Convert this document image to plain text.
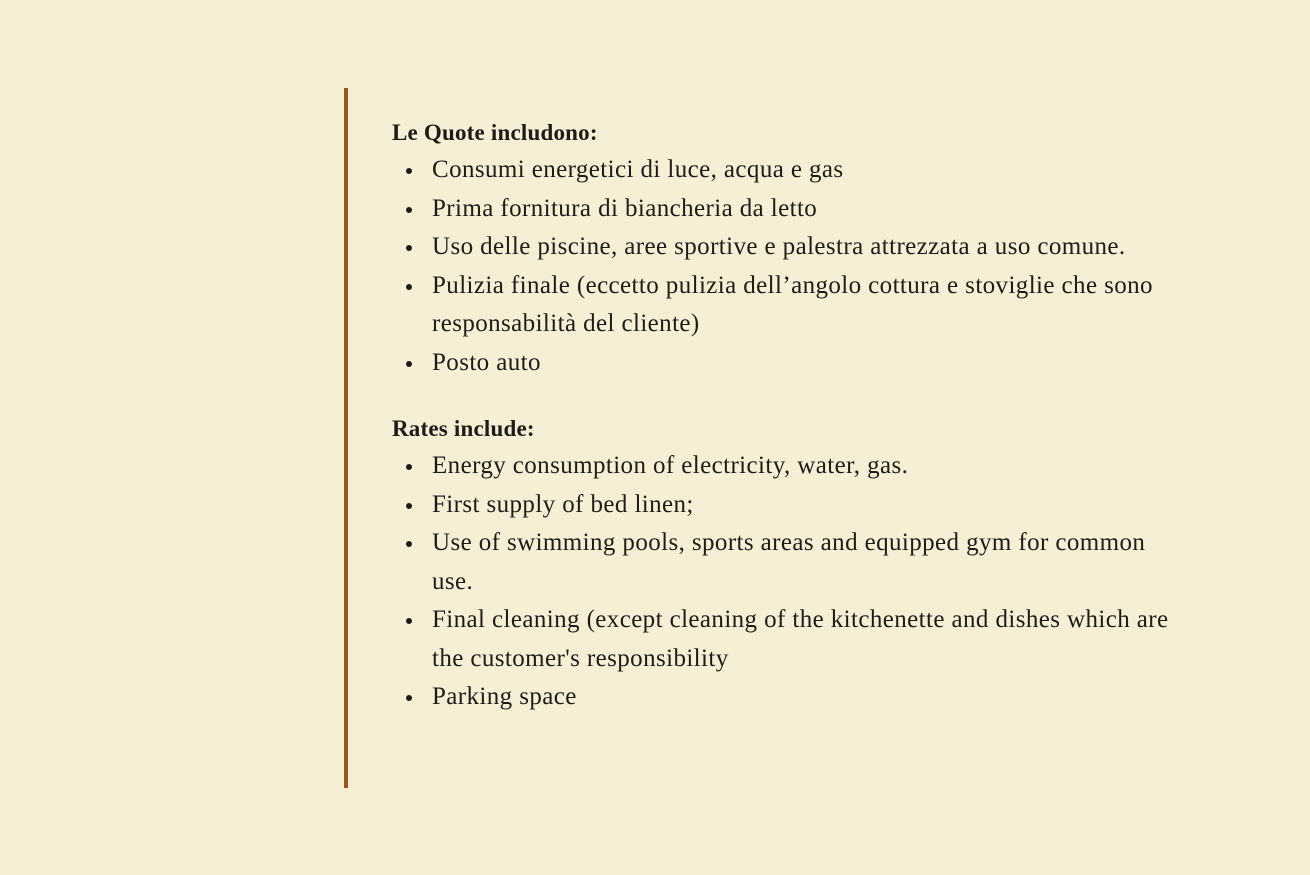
Le Quote includono:
Consumi energetici di luce, acqua e gas
Prima fornitura di biancheria da letto
Uso delle piscine, aree sportive e palestra attrezzata a uso comune.
Pulizia finale (eccetto pulizia dell’angolo cottura e stoviglie che sono responsabilità del cliente)
Posto auto
Rates include:
Energy consumption of electricity, water, gas.
First supply of bed linen;
Use of swimming pools, sports areas and equipped gym for common use.
Final cleaning (except cleaning of the kitchenette and dishes which are the customer's responsibility
Parking space
